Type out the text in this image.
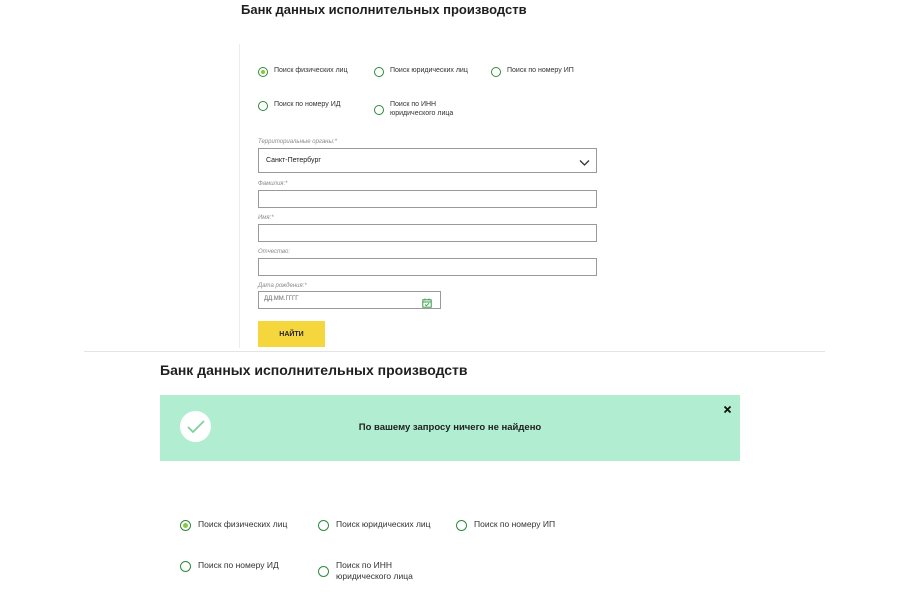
Банк данных исполнительных производств
Поиск физических лиц	Поиск юридических лиц	Поиск по номеру ИП
Поиск по номеру ИД	Поиск по ИНН юридического лица
Территориальные органы:*
Санкт-Петербург
Фамилия:*
Имя:*
Отчество:
Дата рождения:*
ДД.ММ.ГГГГ
НАЙТИ
Банк данных исполнительных производств
По вашему запросу ничего не найдено
Поиск физических лиц	Поиск юридических лиц	Поиск по номеру ИП
Поиск по номеру ИД	Поиск по ИНН юридического лица
